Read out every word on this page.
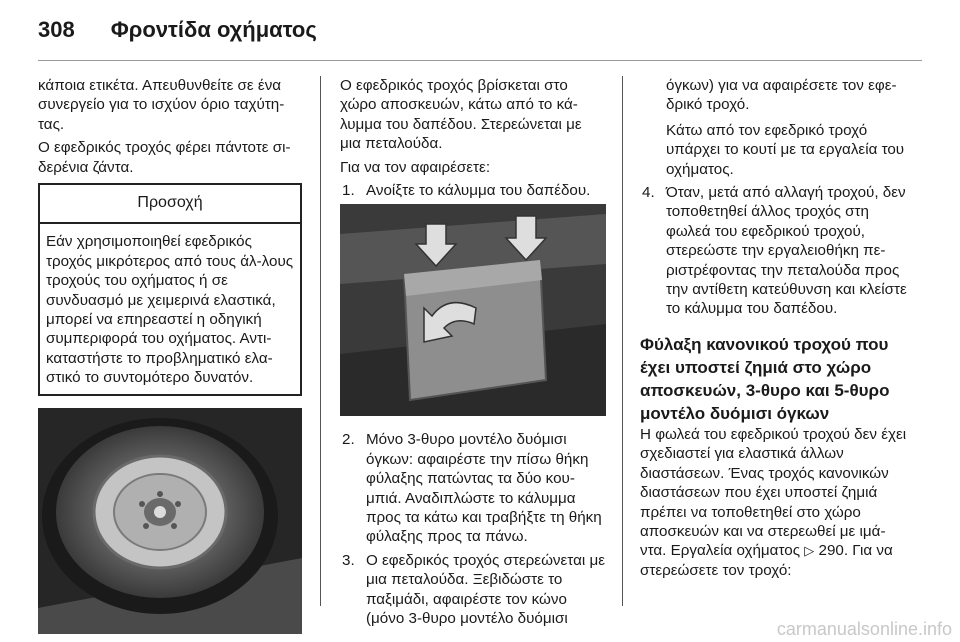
308 Φροντίδα οχήματος

κάποια ετικέτα. Απευθυνθείτε σε ένα συνεργείο για το ισχύον όριο ταχύτη-τας.

Ο εφεδρικός τροχός φέρει πάντοτε σι-δερένια ζάντα.

Προσοχή
Εάν χρησιμοποιηθεί εφεδρικός τροχός μικρότερος από τους άλ-λους τροχούς του οχήματος ή σε συνδυασμό με χειμερινά ελαστικά, μπορεί να επηρεαστεί η οδηγική συμπεριφορά του οχήματος. Αντι-καταστήστε το προβληματικό ελα-στικό το συντομότερο δυνατόν.

Ο εφεδρικός τροχός βρίσκεται στο χώρο αποσκευών, κάτω από το κά-λυμμα του δαπέδου. Στερεώνεται με μια πεταλούδα.

Για να τον αφαιρέσετε:

1. Ανοίξτε το κάλυμμα του δαπέδου.
2. Μόνο 3-θυρο μοντέλο δυόμισι όγκων: αφαιρέστε την πίσω θήκη φύλαξης πατώντας τα δύο κου-μπιά. Αναδιπλώστε το κάλυμμα προς τα κάτω και τραβήξτε τη θήκη φύλαξης προς τα πάνω.
3. Ο εφεδρικός τροχός στερεώνεται με μια πεταλούδα. Ξεβιδώστε το παξιμάδι, αφαιρέστε τον κώνο (μόνο 3-θυρο μοντέλο δυόμισι
όγκων) για να αφαιρέσετε τον εφε-δρικό τροχό.
Κάτω από τον εφεδρικό τροχό υπάρχει το κουτί με τα εργαλεία του οχήματος.
4. Όταν, μετά από αλλαγή τροχού, δεν τοποθετηθεί άλλος τροχός στη φωλεά του εφεδρικού τροχού, στερεώστε την εργαλειοθήκη πε-ριστρέφοντας την πεταλούδα προς την αντίθετη κατεύθυνση και κλείστε το κάλυμμα του δαπέδου.
Φύλαξη κανονικού τροχού που έχει υποστεί ζημιά στο χώρο αποσκευών, 3-θυρο και 5-θυρο μοντέλο δυόμισι όγκων

Η φωλεά του εφεδρικού τροχού δεν έχει σχεδιαστεί για ελαστικά άλλων διαστάσεων. Ένας τροχός κανονικών διαστάσεων που έχει υποστεί ζημιά πρέπει να τοποθετηθεί στο χώρο αποσκευών και να στερεωθεί με ιμά-ντα. Εργαλεία οχήματος ▷ 290. Για να στερεώσετε τον τροχό:

carmanualsonline.info
